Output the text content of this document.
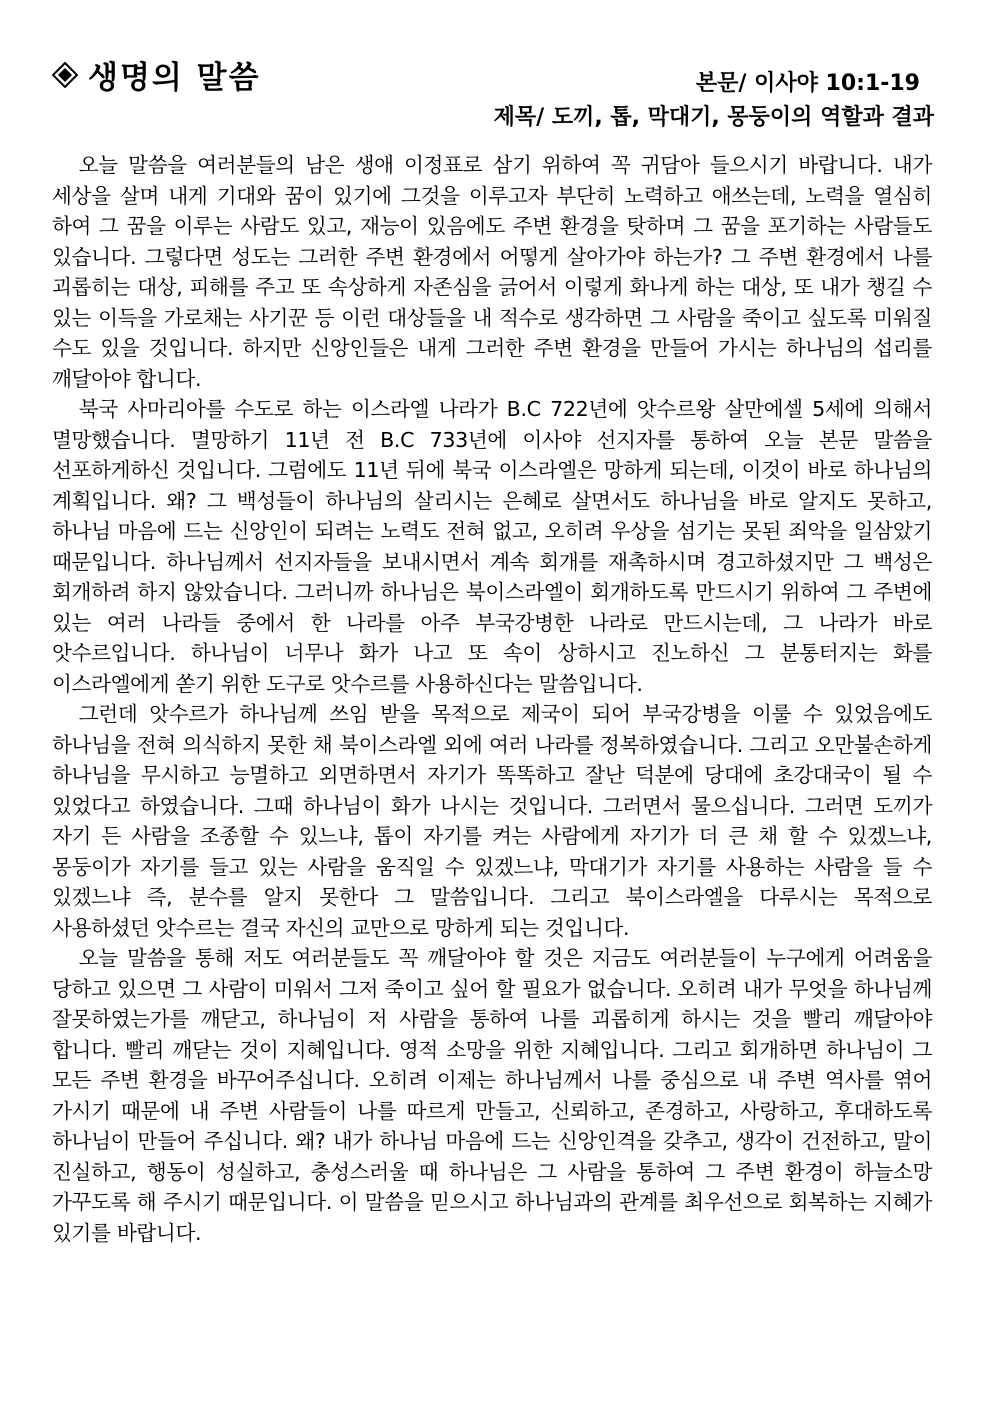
생명의 말씀	본문/ 이사야 10:1-19
제목/ 도끼, 톱, 막대기, 몽둥이의 역할과 결과

오늘 말씀을 여러분들의 남은 생애 이정표로 삼기 위하여 꼭 귀담아 들으시기 바랍니다. 내가 세상을 살며 내게 기대와 꿈이 있기에 그것을 이루고자 부단히 노력하고 애쓰는데, 노력을 열심히 하여 그 꿈을 이루는 사람도 있고, 재능이 있음에도 주변 환경을 탓하며 그 꿈을 포기하는 사람들도 있습니다. 그렇다면 성도는 그러한 주변 환경에서 어떻게 살아가야 하는가? 그 주변 환경에서 나를 괴롭히는 대상, 피해를 주고 또 속상하게 자존심을 긁어서 이렇게 화나게 하는 대상, 또 내가 챙길 수 있는 이득을 가로채는 사기꾼 등 이런 대상들을 내 적수로 생각하면 그 사람을 죽이고 싶도록 미워질 수도 있을 것입니다. 하지만 신앙인들은 내게 그러한 주변 환경을 만들어 가시는 하나님의 섭리를 깨달아야 합니다.

북국 사마리아를 수도로 하는 이스라엘 나라가 B.C 722년에 앗수르왕 살만에셀 5세에 의해서 멸망했습니다. 멸망하기 11년 전 B.C 733년에 이사야 선지자를 통하여 오늘 본문 말씀을 선포하게하신 것입니다. 그럼에도 11년 뒤에 북국 이스라엘은 망하게 되는데, 이것이 바로 하나님의 계획입니다. 왜? 그 백성들이 하나님의 살리시는 은혜로 살면서도 하나님을 바로 알지도 못하고, 하나님 마음에 드는 신앙인이 되려는 노력도 전혀 없고, 오히려 우상을 섬기는 못된 죄악을 일삼았기 때문입니다. 하나님께서 선지자들을 보내시면서 계속 회개를 재촉하시며 경고하셨지만 그 백성은 회개하려 하지 않았습니다. 그러니까 하나님은 북이스라엘이 회개하도록 만드시기 위하여 그 주변에 있는 여러 나라들 중에서 한 나라를 아주 부국강병한 나라로 만드시는데, 그 나라가 바로 앗수르입니다. 하나님이 너무나 화가 나고 또 속이 상하시고 진노하신 그 분통터지는 화를 이스라엘에게 쏟기 위한 도구로 앗수르를 사용하신다는 말씀입니다.

그런데 앗수르가 하나님께 쓰임 받을 목적으로 제국이 되어 부국강병을 이룰 수 있었음에도 하나님을 전혀 의식하지 못한 채 북이스라엘 외에 여러 나라를 정복하였습니다. 그리고 오만불손하게 하나님을 무시하고 능멸하고 외면하면서 자기가 똑똑하고 잘난 덕분에 당대에 초강대국이 될 수 있었다고 하였습니다. 그때 하나님이 화가 나시는 것입니다. 그러면서 물으십니다. 그러면 도끼가 자기 든 사람을 조종할 수 있느냐, 톱이 자기를 켜는 사람에게 자기가 더 큰 채 할 수 있겠느냐, 몽둥이가 자기를 들고 있는 사람을 움직일 수 있겠느냐, 막대기가 자기를 사용하는 사람을 들 수 있겠느냐 즉, 분수를 알지 못한다 그 말씀입니다. 그리고 북이스라엘을 다루시는 목적으로 사용하셨던 앗수르는 결국 자신의 교만으로 망하게 되는 것입니다.

오늘 말씀을 통해 저도 여러분들도 꼭 깨달아야 할 것은 지금도 여러분들이 누구에게 어려움을 당하고 있으면 그 사람이 미워서 그저 죽이고 싶어 할 필요가 없습니다. 오히려 내가 무엇을 하나님께 잘못하였는가를 깨닫고, 하나님이 저 사람을 통하여 나를 괴롭히게 하시는 것을 빨리 깨달아야 합니다. 빨리 깨닫는 것이 지혜입니다. 영적 소망을 위한 지혜입니다. 그리고 회개하면 하나님이 그 모든 주변 환경을 바꾸어주십니다. 오히려 이제는 하나님께서 나를 중심으로 내 주변 역사를 엮어 가시기 때문에 내 주변 사람들이 나를 따르게 만들고, 신뢰하고, 존경하고, 사랑하고, 후대하도록 하나님이 만들어 주십니다. 왜? 내가 하나님 마음에 드는 신앙인격을 갖추고, 생각이 건전하고, 말이 진실하고, 행동이 성실하고, 충성스러울 때 하나님은 그 사람을 통하여 그 주변 환경이 하늘소망 가꾸도록 해 주시기 때문입니다. 이 말씀을 믿으시고 하나님과의 관계를 최우선으로 회복하는 지혜가 있기를 바랍니다.
